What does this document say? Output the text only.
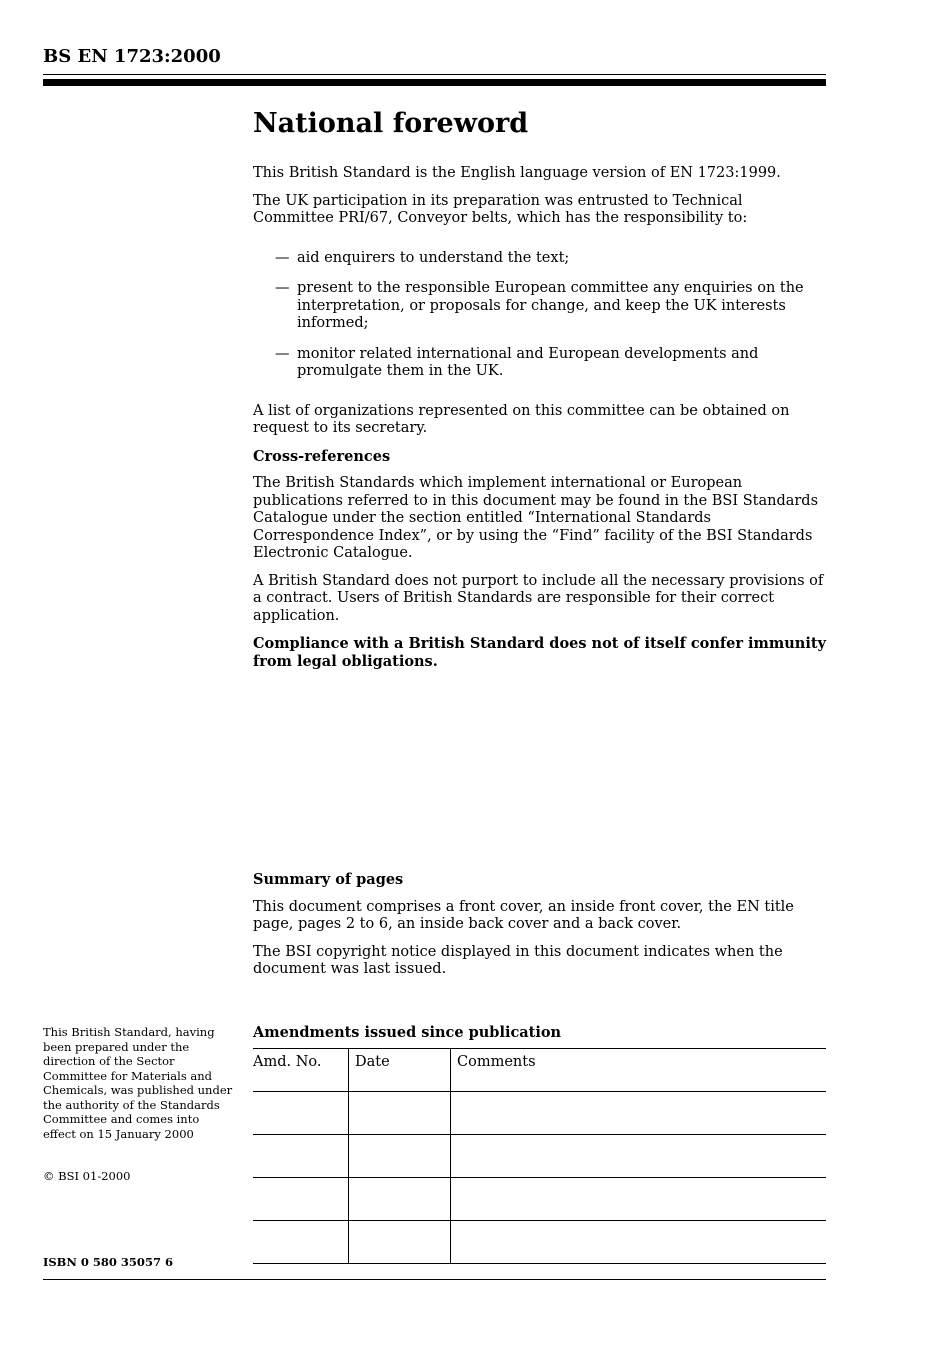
BS EN 1723:2000
National foreword

This British Standard is the English language version of EN 1723:1999.

The UK participation in its preparation was entrusted to Technical Committee PRI/67, Conveyor belts, which has the responsibility to:

— aid enquirers to understand the text;
— present to the responsible European committee any enquiries on the interpretation, or proposals for change, and keep the UK interests informed;
— monitor related international and European developments and promulgate them in the UK.

A list of organizations represented on this committee can be obtained on request to its secretary.

Cross-references

The British Standards which implement international or European publications referred to in this document may be found in the BSI Standards Catalogue under the section entitled “International Standards Correspondence Index”, or by using the “Find” facility of the BSI Standards Electronic Catalogue.

A British Standard does not purport to include all the necessary provisions of a contract. Users of British Standards are responsible for their correct application.

Compliance with a British Standard does not of itself confer immunity from legal obligations.

Summary of pages

This document comprises a front cover, an inside front cover, the EN title page, pages 2 to 6, an inside back cover and a back cover.

The BSI copyright notice displayed in this document indicates when the document was last issued.

This British Standard, having been prepared under the direction of the Sector Committee for Materials and Chemicals, was published under the authority of the Standards Committee and comes into effect on 15 January 2000
© BSI 01-2000
ISBN 0 580 35057 6
Amendments issued since publication
Amd. No.	Date	Comments
